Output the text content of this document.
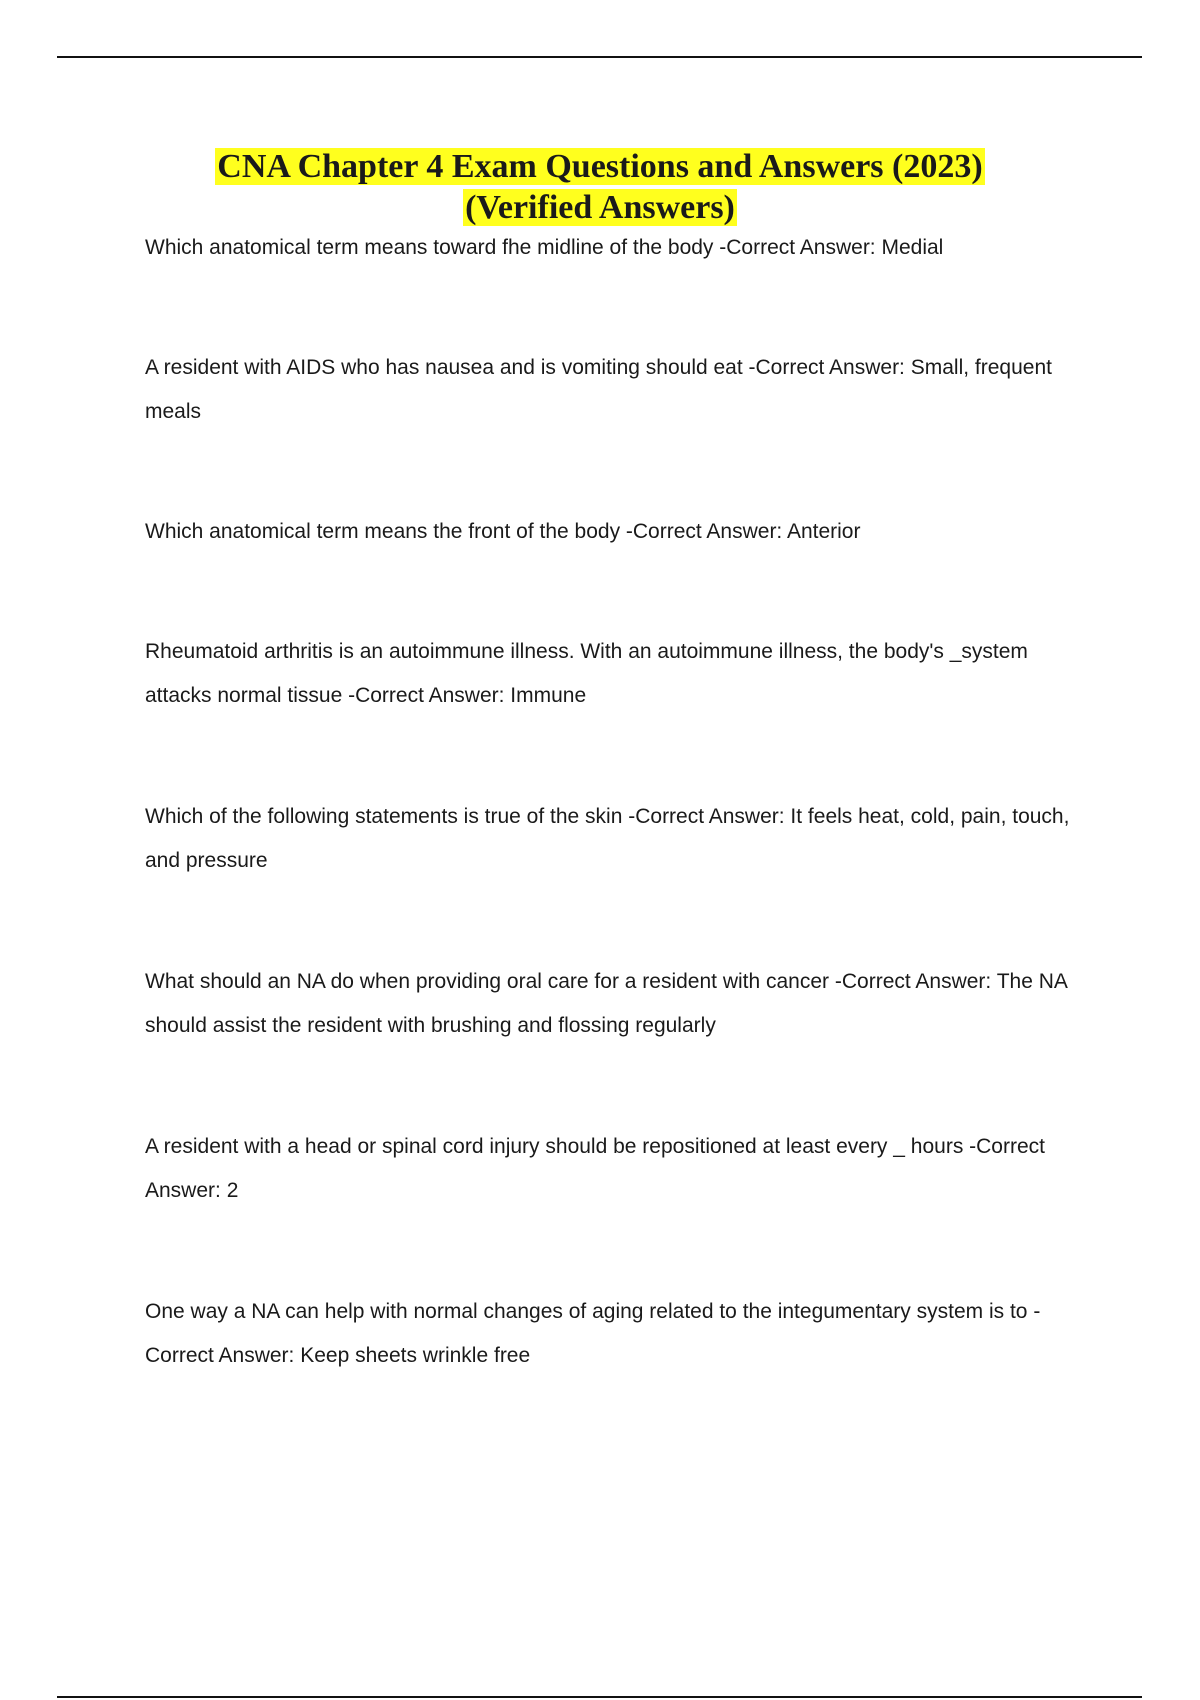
CNA Chapter 4 Exam Questions and Answers (2023)
(Verified Answers)

Which anatomical term means toward fhe midline of the body -Correct Answer: Medial

A resident with AIDS who has nausea and is vomiting should eat -Correct Answer: Small, frequent meals

Which anatomical term means the front of the body -Correct Answer: Anterior

Rheumatoid arthritis is an autoimmune illness. With an autoimmune illness, the body's _system attacks normal tissue -Correct Answer: Immune

Which of the following statements is true of the skin -Correct Answer: It feels heat, cold, pain, touch, and pressure

What should an NA do when providing oral care for a resident with cancer -Correct Answer: The NA should assist the resident with brushing and flossing regularly

A resident with a head or spinal cord injury should be repositioned at least every _ hours -Correct Answer: 2

One way a NA can help with normal changes of aging related to the integumentary system is to -Correct Answer: Keep sheets wrinkle free
